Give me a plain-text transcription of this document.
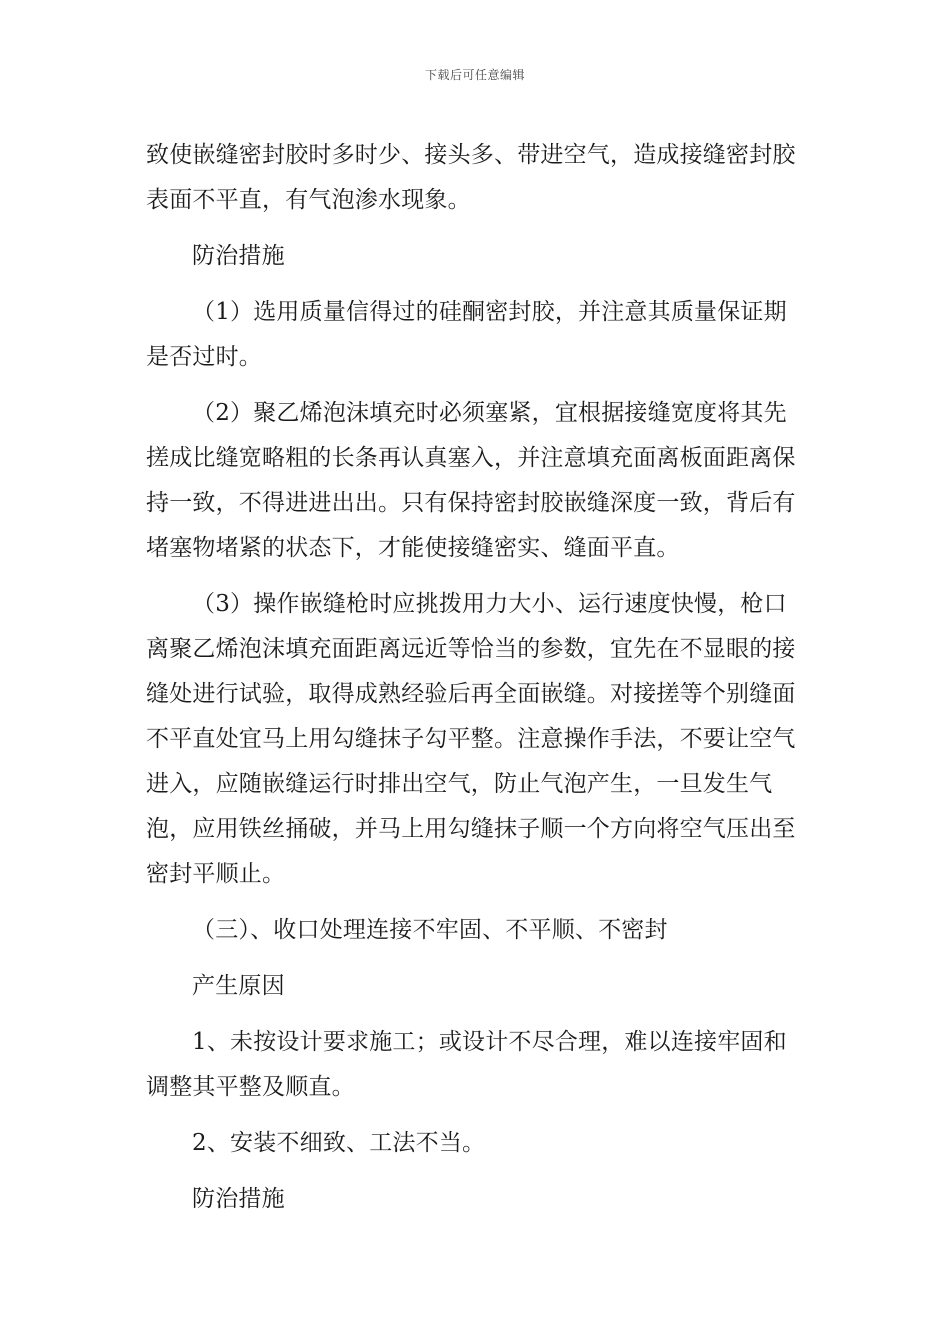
下载后可任意编辑

致使嵌缝密封胶时多时少、接头多、带进空气，造成接缝密封胶表面不平直，有气泡渗水现象。

防治措施

（1）选用质量信得过的硅酮密封胶，并注意其质量保证期是否过时。

（2）聚乙烯泡沫填充时必须塞紧，宜根据接缝宽度将其先搓成比缝宽略粗的长条再认真塞入，并注意填充面离板面距离保持一致，不得进进出出。只有保持密封胶嵌缝深度一致，背后有堵塞物堵紧的状态下，才能使接缝密实、缝面平直。

（3）操作嵌缝枪时应挑拨用力大小、运行速度快慢，枪口离聚乙烯泡沫填充面距离远近等恰当的参数，宜先在不显眼的接缝处进行试验，取得成熟经验后再全面嵌缝。对接搓等个别缝面不平直处宜马上用勾缝抹子勾平整。注意操作手法，不要让空气进入，应随嵌缝运行时排出空气，防止气泡产生，一旦发生气泡，应用铁丝捅破，并马上用勾缝抹子顺一个方向将空气压出至密封平顺止。

（三）、收口处理连接不牢固、不平顺、不密封

产生原因

1、未按设计要求施工；或设计不尽合理，难以连接牢固和调整其平整及顺直。

2、安装不细致、工法不当。

防治措施
